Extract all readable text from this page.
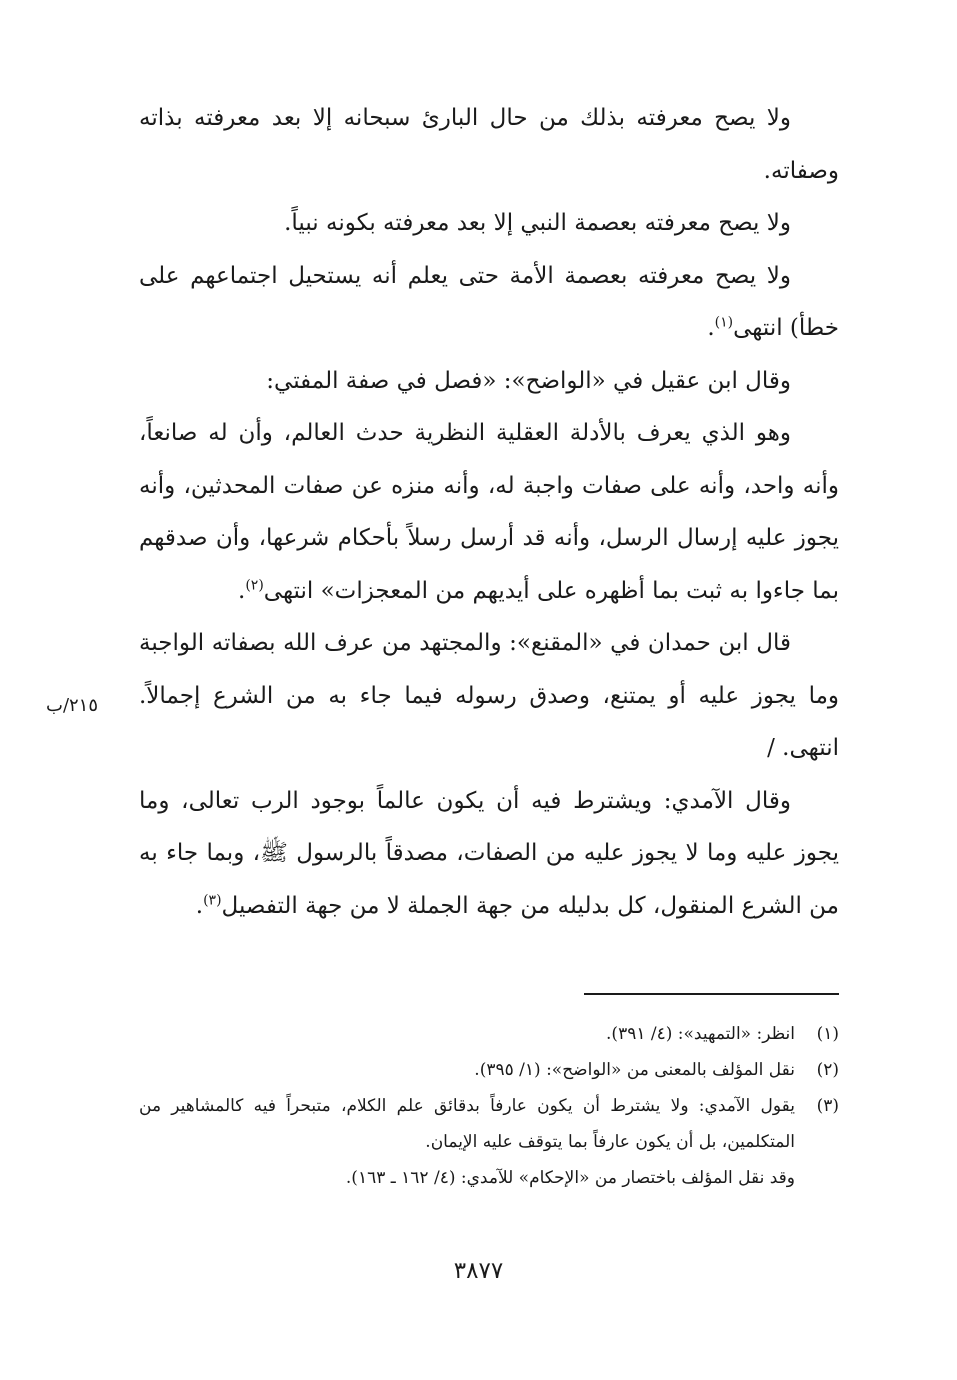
ولا يصح معرفته بذلك من حال البارئ سبحانه إلا بعد معرفته بذاته وصفاته.

ولا يصح معرفته بعصمة النبي إلا بعد معرفته بكونه نبياً.

ولا يصح معرفته بعصمة الأمة حتى يعلم أنه يستحيل اجتماعهم على خطأ) انتهى$^{(١)}$.

وقال ابن عقيل في «الواضح»: «فصل في صفة المفتي:

وهو الذي يعرف بالأدلة العقلية النظرية حدث العالم، وأن له صانعاً، وأنه واحد، وأنه على صفات واجبة له، وأنه منزه عن صفات المحدثين، وأنه يجوز عليه إرسال الرسل، وأنه قد أرسل رسلاً بأحكام شرعها، وأن صدقهم بما جاءوا به ثبت بما أظهره على أيديهم من المعجزات» انتهى$^{(٢)}$.

قال ابن حمدان في «المقنع»: والمجتهد من عرف الله بصفاته الواجبة وما يجوز عليه أو يمتنع، وصدق رسوله فيما جاء به من الشرع إجمالاً. انتهى. /

وقال الآمدي: ويشترط فيه أن يكون عالماً بوجود الرب تعالى، وما يجوز عليه وما لا يجوز عليه من الصفات، مصدقاً بالرسول ﷺ، وبما جاء به من الشرع المنقول، كل بدليله من جهة الجملة لا من جهة التفصيل$^{(٣)}$.

٢١٥/ب
(١)
انظر: «التمهيد»: (٤/ ٣٩١).
(٢)
نقل المؤلف بالمعنى من «الواضح»: (١/ ٣٩٥).
(٣)
يقول الآمدي: ولا يشترط أن يكون عارفاً بدقائق علم الكلام، متبحراً فيه كالمشاهير من المتكلمين، بل أن يكون عارفاً بما يتوقف عليه الإيمان.
وقد نقل المؤلف باختصار من «الإحكام» للآمدي: (٤/ ١٦٢ ـ ١٦٣).
٣٨٧٧
